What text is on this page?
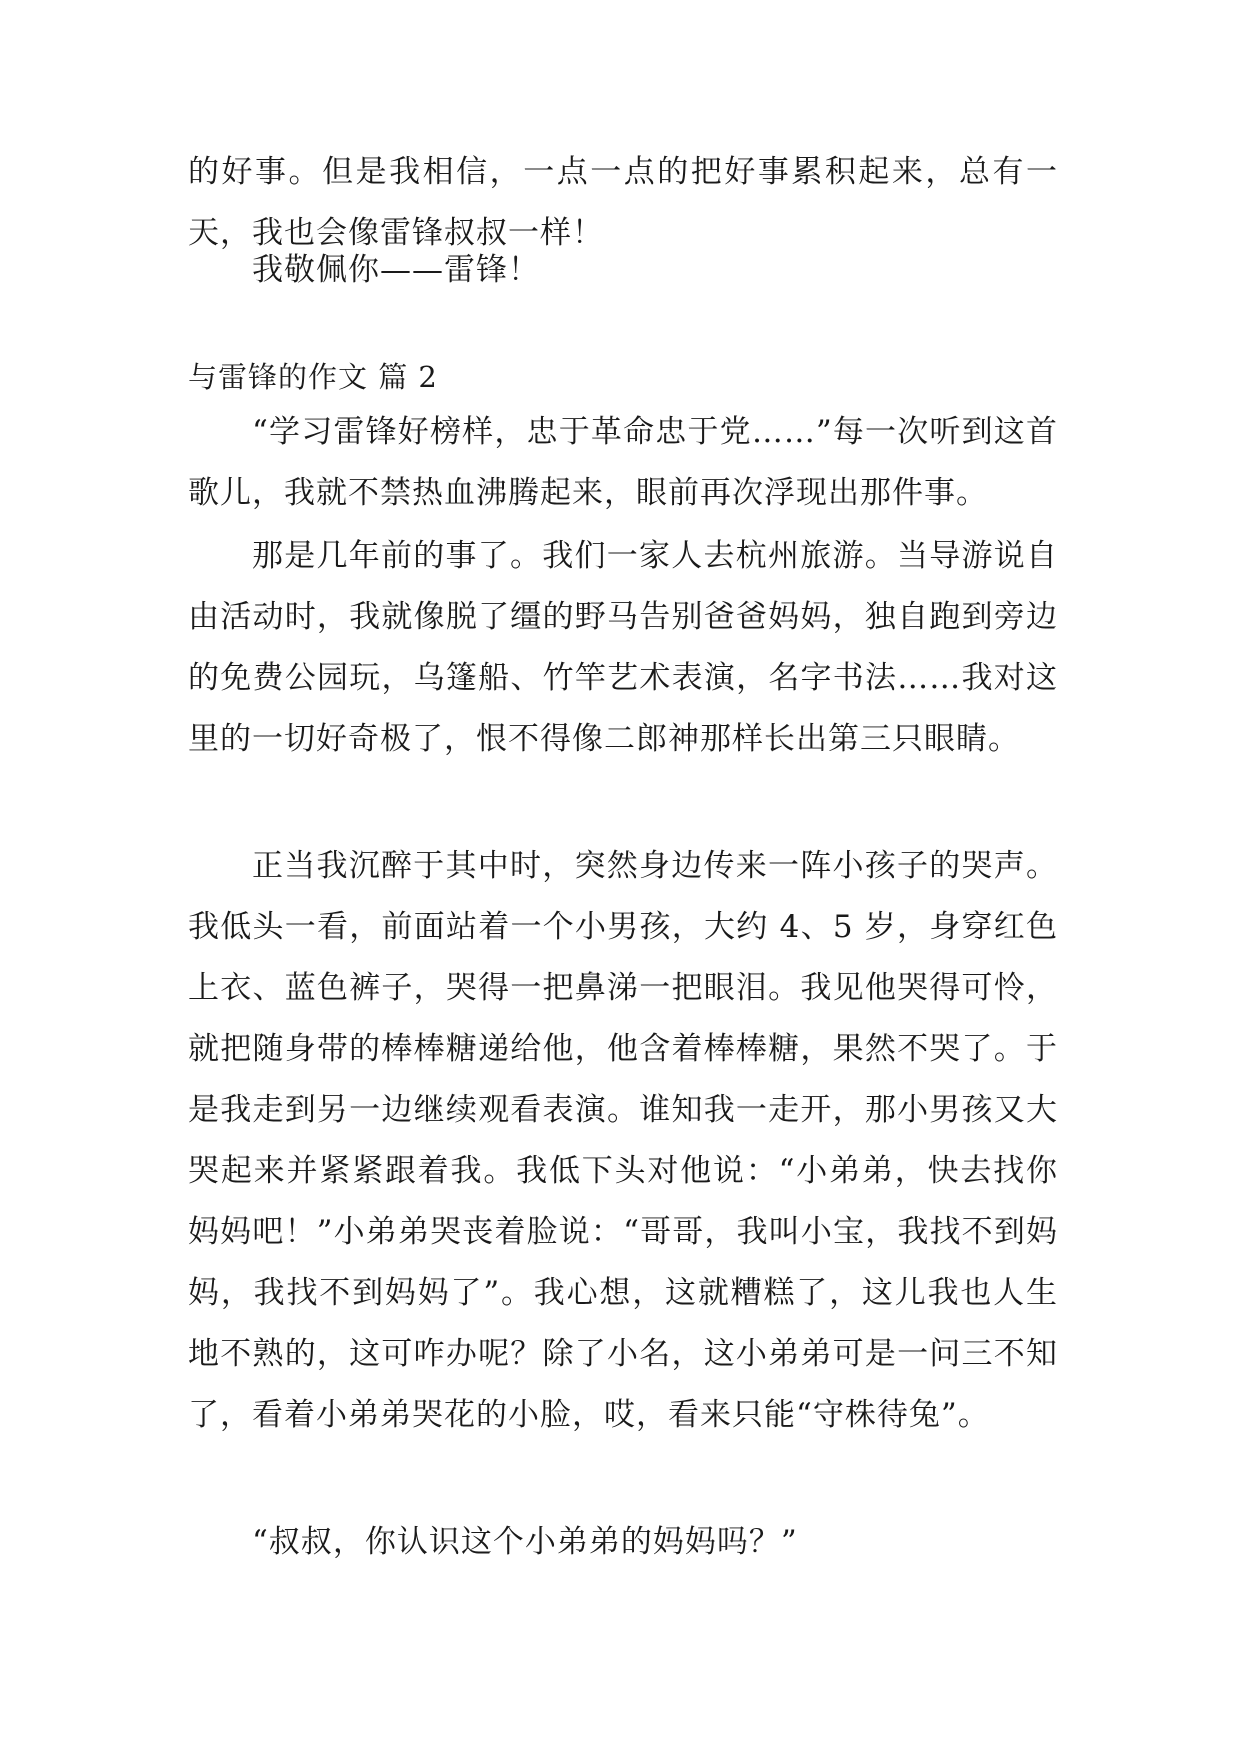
的好事。但是我相信，一点一点的把好事累积起来，总有一天，我也会像雷锋叔叔一样！
我敬佩你——雷锋！
与雷锋的作文 篇 2
“学习雷锋好榜样，忠于革命忠于党……”每一次听到这首歌儿，我就不禁热血沸腾起来，眼前再次浮现出那件事。
那是几年前的事了。我们一家人去杭州旅游。当导游说自由活动时，我就像脱了缰的野马告别爸爸妈妈，独自跑到旁边的免费公园玩，乌篷船、竹竿艺术表演，名字书法……我对这里的一切好奇极了，恨不得像二郎神那样长出第三只眼睛。
正当我沉醉于其中时，突然身边传来一阵小孩子的哭声。我低头一看，前面站着一个小男孩，大约 4、5 岁，身穿红色上衣、蓝色裤子，哭得一把鼻涕一把眼泪。我见他哭得可怜，就把随身带的棒棒糖递给他，他含着棒棒糖，果然不哭了。于是我走到另一边继续观看表演。谁知我一走开，那小男孩又大哭起来并紧紧跟着我。我低下头对他说：“小弟弟，快去找你妈妈吧！”小弟弟哭丧着脸说：“哥哥，我叫小宝，我找不到妈妈，我找不到妈妈了”。我心想，这就糟糕了，这儿我也人生地不熟的，这可咋办呢？除了小名，这小弟弟可是一问三不知了，看着小弟弟哭花的小脸，哎，看来只能“守株待兔”。
“叔叔，你认识这个小弟弟的妈妈吗？”
